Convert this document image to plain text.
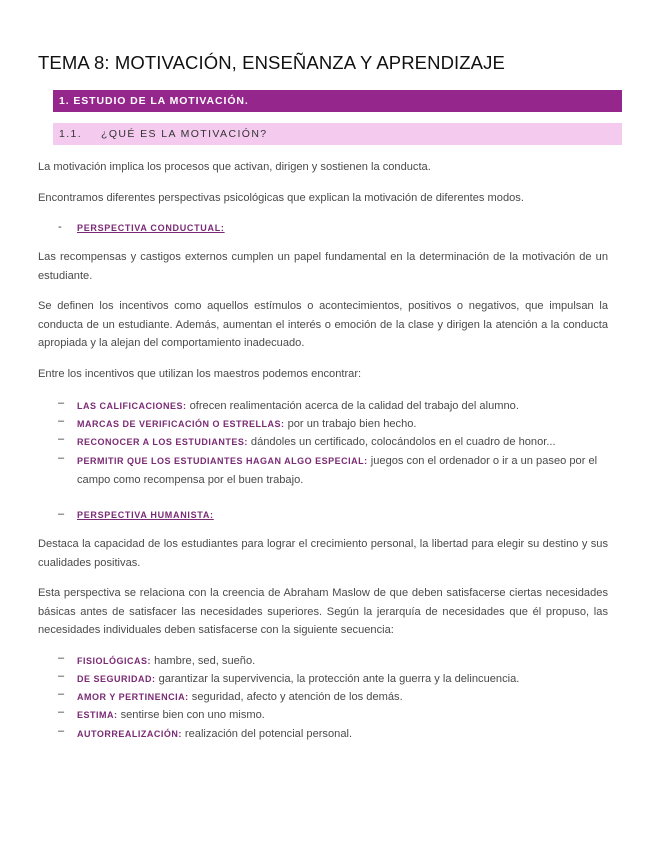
TEMA 8: MOTIVACIÓN, ENSEÑANZA Y APRENDIZAJE
1. ESTUDIO DE LA MOTIVACIÓN.
1.1. ¿QUÉ ES LA MOTIVACIÓN?

La motivación implica los procesos que activan, dirigen y sostienen la conducta.

Encontramos diferentes perspectivas psicológicas que explican la motivación de diferentes modos.

- PERSPECTIVA CONDUCTUAL:

Las recompensas y castigos externos cumplen un papel fundamental en la determinación de la motivación de un estudiante.

Se definen los incentivos como aquellos estímulos o acontecimientos, positivos o negativos, que impulsan la conducta de un estudiante. Además, aumentan el interés o emoción de la clase y dirigen la atención a la conducta apropiada y la alejan del comportamiento inadecuado.

Entre los incentivos que utilizan los maestros podemos encontrar:

– LAS CALIFICACIONES: ofrecen realimentación acerca de la calidad del trabajo del alumno.

– MARCAS DE VERIFICACIÓN O ESTRELLAS: por un trabajo bien hecho.

– RECONOCER A LOS ESTUDIANTES: dándoles un certificado, colocándolos en el cuadro de honor...

– PERMITIR QUE LOS ESTUDIANTES HAGAN ALGO ESPECIAL: juegos con el ordenador o ir a un paseo por el campo como recompensa por el buen trabajo.

– PERSPECTIVA HUMANISTA:

Destaca la capacidad de los estudiantes para lograr el crecimiento personal, la libertad para elegir su destino y sus cualidades positivas.

Esta perspectiva se relaciona con la creencia de Abraham Maslow de que deben satisfacerse ciertas necesidades básicas antes de satisfacer las necesidades superiores. Según la jerarquía de necesidades que él propuso, las necesidades individuales deben satisfacerse con la siguiente secuencia:

– FISIOLÓGICAS: hambre, sed, sueño.

– DE SEGURIDAD: garantizar la supervivencia, la protección ante la guerra y la delincuencia.

– AMOR Y PERTINENCIA: seguridad, afecto y atención de los demás.

– ESTIMA: sentirse bien con uno mismo.

– AUTORREALIZACIÓN: realización del potencial personal.
